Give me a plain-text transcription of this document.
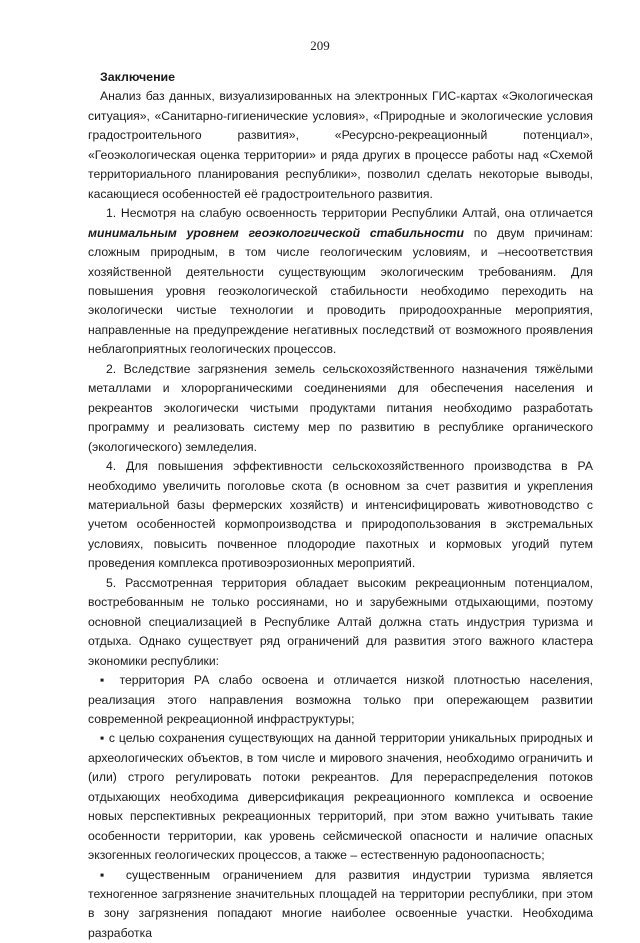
209
Заключение

Анализ баз данных, визуализированных на электронных ГИС-картах «Экологическая ситуация», «Санитарно-гигиенические условия», «Природные и экологические условия градостроительного развития», «Ресурсно-рекреационный потенциал», «Геоэкологическая оценка территории» и ряда других в процессе работы над «Схемой территориального планирования республики», позволил сделать некоторые выводы, касающиеся особенностей её градостроительного развития.

1. Несмотря на слабую освоенность территории Республики Алтай, она отличается минимальным уровнем геоэкологической стабильности по двум причинам: сложным природным, в том числе геологическим условиям, и –несоответствия хозяйственной деятельности существующим экологическим требованиям. Для повышения уровня геоэкологической стабильности необходимо переходить на экологически чистые технологии и проводить природоохранные мероприятия, направленные на предупреждение негативных последствий от возможного проявления неблагоприятных геологических процессов.

2. Вследствие загрязнения земель сельскохозяйственного назначения тяжёлыми металлами и хлорорганическими соединениями для обеспечения населения и рекреантов экологически чистыми продуктами питания необходимо разработать программу и реализовать систему мер по развитию в республике органического (экологического) земледелия.

4. Для повышения эффективности сельскохозяйственного производства в РА необходимо увеличить поголовье скота (в основном за счет развития и укрепления материальной базы фермерских хозяйств) и интенсифицировать животноводство с учетом особенностей кормопроизводства и природопользования в экстремальных условиях, повысить почвенное плодородие пахотных и кормовых угодий путем проведения комплекса противоэрозионных мероприятий.

5. Рассмотренная территория обладает высоким рекреационным потенциалом, востребованным не только россиянами, но и зарубежными отдыхающими, поэтому основной специализацией в Республике Алтай должна стать индустрия туризма и отдыха. Однако существует ряд ограничений для развития этого важного кластера экономики республики:

▪ территория РА слабо освоена и отличается низкой плотностью населения, реализация этого направления возможна только при опережающем развитии современной рекреационной инфраструктуры;

▪ с целью сохранения существующих на данной территории уникальных природных и археологических объектов, в том числе и мирового значения, необходимо ограничить и (или) строго регулировать потоки рекреантов. Для перераспределения потоков отдыхающих необходима диверсификация рекреационного комплекса и освоение новых перспективных рекреационных территорий, при этом важно учитывать такие особенности территории, как уровень сейсмической опасности и наличие опасных экзогенных геологических процессов, а также – естественную радоноопасность;

▪ существенным ограничением для развития индустрии туризма является техногенное загрязнение значительных площадей на территории республики, при этом в зону загрязнения попадают многие наиболее освоенные участки. Необходима разработка
